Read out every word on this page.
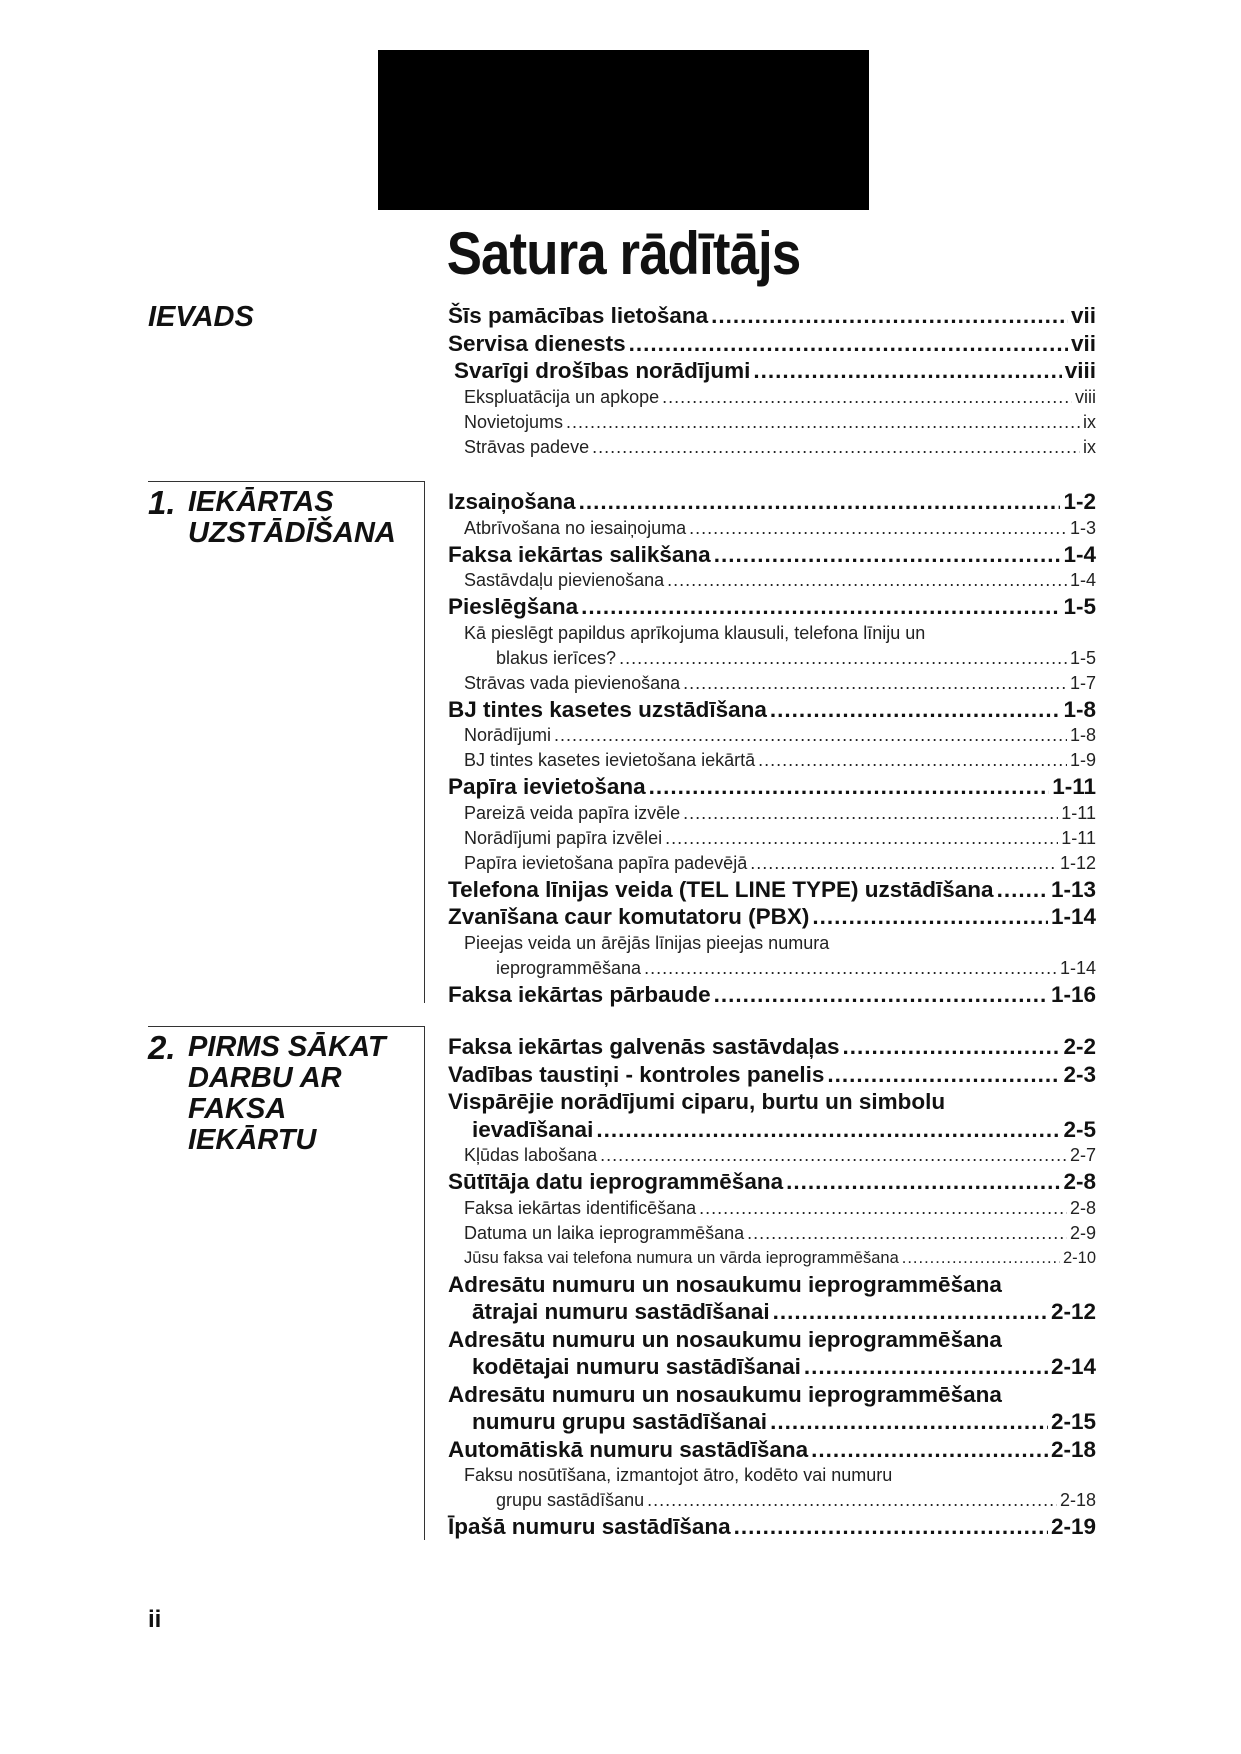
Satura rādītājs
IEVADS	Šīs pamācības lietošana .....	vii
Servisa dienests .....	vii
Svarīgi drošības norādījumi .....	viii
Ekspluatācija un apkope .....	viii
Novietojums .....	ix
Strāvas padeve .....	ix
1. IEKĀRTAS
UZSTĀDĪŠANA
Izsaiņošana .....	1-2
Atbrīvošana no iesaiņojuma .....	1-3
Faksa iekārtas salikšana .....	1-4
Sastāvdaļu pievienošana .....	1-4
Pieslēgšana .....	1-5
Kā pieslēgt papildus aprīkojuma klausuli, telefona līniju un
blakus ierīces? .....	1-5
Strāvas vada pievienošana .....	1-7
BJ tintes kasetes uzstādīšana .....	1-8
Norādījumi .....	1-8
BJ tintes kasetes ievietošana iekārtā .....	1-9
Papīra ievietošana .....	1-11
Pareizā veida papīra izvēle .....	1-11
Norādījumi papīra izvēlei .....	1-11
Papīra ievietošana papīra padevējā .....	1-12
Telefona līnijas veida (TEL LINE TYPE) uzstādīšana .....	1-13
Zvanīšana caur komutatoru (PBX) .....	1-14
Pieejas veida un ārējās līnijas pieejas numura
ieprogrammēšana .....	1-14
Faksa iekārtas pārbaude .....	1-16
2. PIRMS SĀKAT
DARBU AR
FAKSA
IEKĀRTU
Faksa iekārtas galvenās sastāvdaļas .....	2-2
Vadības taustiņi - kontroles panelis .....	2-3
Vispārējie norādījumi ciparu, burtu un simbolu
ievadīšanai .....	2-5
Kļūdas labošana .....	2-7
Sūtītāja datu ieprogrammēšana .....	2-8
Faksa iekārtas identificēšana .....	2-8
Datuma un laika ieprogrammēšana .....	2-9
Jūsu faksa vai telefona numura un vārda ieprogrammēšana .....	2-10
Adresātu numuru un nosaukumu ieprogrammēšana
ātrajai numuru sastādīšanai .....	2-12
Adresātu numuru un nosaukumu ieprogrammēšana
kodētajai numuru sastādīšanai .....	2-14
Adresātu numuru un nosaukumu ieprogrammēšana
numuru grupu sastādīšanai .....	2-15
Automātiskā numuru sastādīšana .....	2-18
Faksu nosūtīšana, izmantojot ātro, kodēto vai numuru
grupu sastādīšanu .....	2-18
Īpašā numuru sastādīšana .....	2-19
ii
